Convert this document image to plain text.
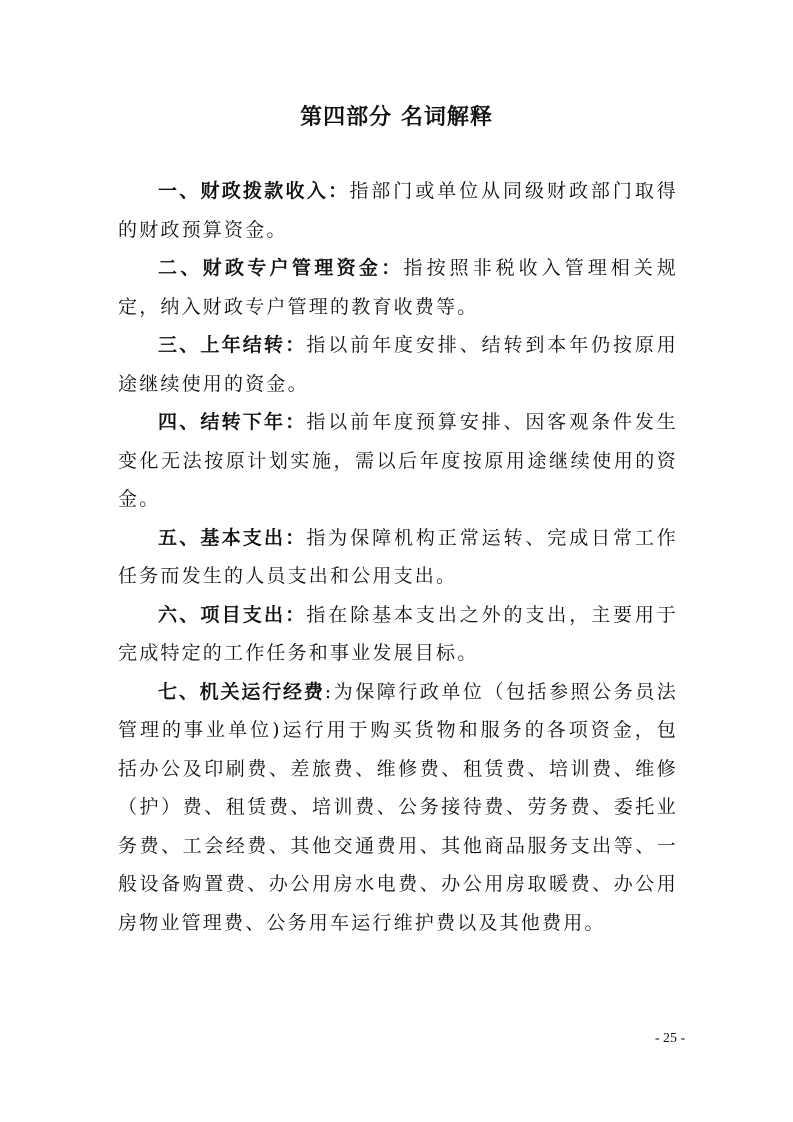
第四部分 名词解释

一、财政拨款收入：指部门或单位从同级财政部门取得的财政预算资金。

二、财政专户管理资金：指按照非税收入管理相关规定，纳入财政专户管理的教育收费等。

三、上年结转：指以前年度安排、结转到本年仍按原用途继续使用的资金。

四、结转下年：指以前年度预算安排、因客观条件发生变化无法按原计划实施，需以后年度按原用途继续使用的资金。

五、基本支出：指为保障机构正常运转、完成日常工作任务而发生的人员支出和公用支出。

六、项目支出：指在除基本支出之外的支出，主要用于完成特定的工作任务和事业发展目标。

七、机关运行经费:为保障行政单位（包括参照公务员法管理的事业单位)运行用于购买货物和服务的各项资金，包括办公及印刷费、差旅费、维修费、租赁费、培训费、维修（护）费、租赁费、培训费、公务接待费、劳务费、委托业务费、工会经费、其他交通费用、其他商品服务支出等、一般设备购置费、办公用房水电费、办公用房取暖费、办公用房物业管理费、公务用车运行维护费以及其他费用。

- 25 -
